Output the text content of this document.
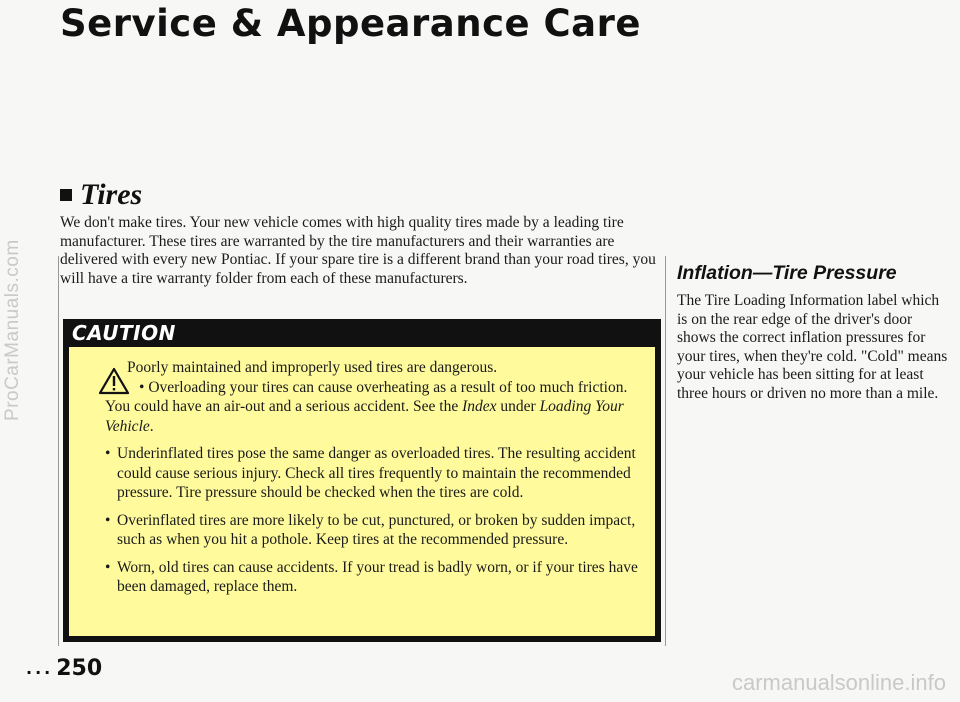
ProCarManuals.com
Service & Appearance Care
Tires

We don't make tires. Your new vehicle comes with high quality tires made by a leading tire manufacturer. These tires are warranted by the tire manufacturers and their warranties are delivered with every new Pontiac. If your spare tire is a different brand than your road tires, you will have a tire warranty folder from each of these manufacturers.

CAUTION

Poorly maintained and improperly used tires are dangerous.

• Overloading your tires can cause overheating as a result of too much friction. You could have an air-out and a serious accident. See the Index under Loading Your Vehicle.

• Underinflated tires pose the same danger as overloaded tires. The resulting accident could cause serious injury. Check all tires frequently to maintain the recommended pressure. Tire pressure should be checked when the tires are cold.

• Overinflated tires are more likely to be cut, punctured, or broken by sudden impact, such as when you hit a pothole. Keep tires at the recommended pressure.

• Worn, old tires can cause accidents. If your tread is badly worn, or if your tires have been damaged, replace them.

Inflation—Tire Pressure

The Tire Loading Information label which is on the rear edge of the driver's door shows the correct inflation pressures for your tires, when they're cold. "Cold" means your vehicle has been sitting for at least three hours or driven no more than a mile.

... 250
carmanualsonline.info
